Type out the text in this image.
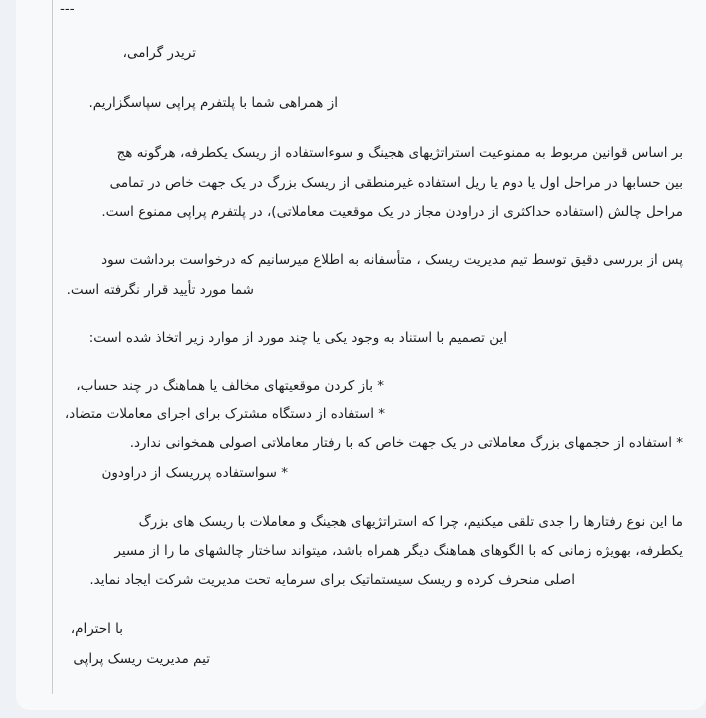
---
تریدر گرامی،
از همراهی شما با پلتفرم پراپی سپاسگزاریم.
بر اساس قوانین مربوط به ممنوعیت استراتژیهای هجینگ و سوءاستفاده از ریسک یکطرفه، هرگونه هج
بین حسابها در مراحل اول یا دوم یا ریل استفاده غیرمنطقی از ریسک بزرگ در یک جهت خاص در تمامی
مراحل چالش (استفاده حداکثری از دراودن مجاز در یک موقعیت معاملاتی)، در پلتفرم پراپی ممنوع است.
پس از بررسی دقیق توسط تیم مدیریت ریسک ، متأسفانه به اطلاع میرسانیم که درخواست برداشت سود
شما مورد تأیید قرار نگرفته است.
این تصمیم با استناد به وجود یکی یا چند مورد از موارد زیر اتخاذ شده است:
* باز کردن موقعیتهای مخالف یا هماهنگ در چند حساب،
* استفاده از دستگاه مشترک برای اجرای معاملات متضاد،
* استفاده از حجمهای بزرگ معاملاتی در یک جهت خاص که با رفتار معاملاتی اصولی همخوانی ندارد.
* سواستفاده پرریسک از دراودون
ما این نوع رفتارها را جدی تلقی میکنیم، چرا که استراتژیهای هجینگ و معاملات با ریسک های بزرگ
یکطرفه، بهویژه زمانی که با الگوهای هماهنگ دیگر همراه باشد، میتواند ساختار چالشهای ما را از مسیر
اصلی منحرف کرده و ریسک سیستماتیک برای سرمایه تحت مدیریت شرکت ایجاد نماید.
با احترام،
تیم مدیریت ریسک پراپی
